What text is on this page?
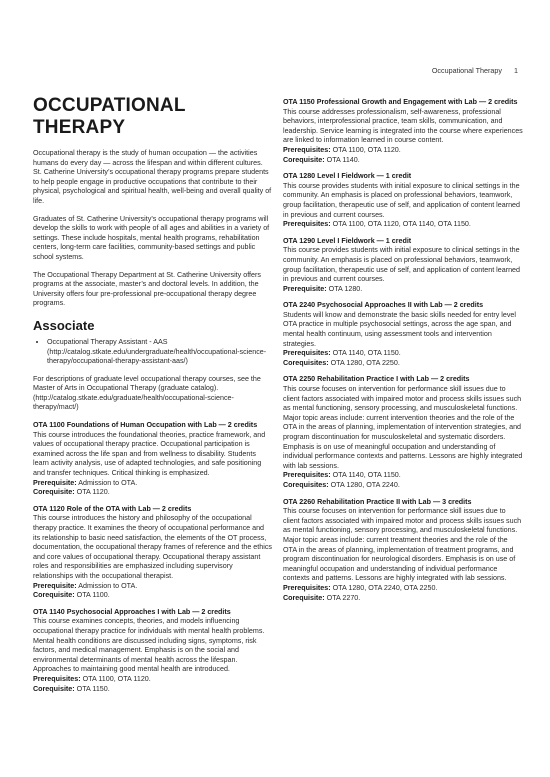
Occupational Therapy 1
OCCUPATIONAL THERAPY

Occupational therapy is the study of human occupation — the activities humans do every day — across the lifespan and within different cultures. St. Catherine University’s occupational therapy programs prepare students to help people engage in productive occupations that contribute to their physical, psychological and spiritual health, well-being and overall quality of life.

Graduates of St. Catherine University’s occupational therapy programs will develop the skills to work with people of all ages and abilities in a variety of settings. These include hospitals, mental health programs, rehabilitation centers, long-term care facilities, community-based settings and public school systems.

The Occupational Therapy Department at St. Catherine University offers programs at the associate, master’s and doctoral levels. In addition, the University offers four pre-professional pre-occupational therapy degree programs.

Associate
• Occupational Therapy Assistant - AAS (http://catalog.stkate.edu/undergraduate/health/occupational-science-therapy/occupational-therapy-assistant-aas/)

For descriptions of graduate level occupational therapy courses, see the Master of Arts in Occupational Therapy (graduate catalog). (http://catalog.stkate.edu/graduate/health/occupational-science-therapy/mact/)

OTA 1100 Foundations of Human Occupation with Lab — 2 credits
This course introduces the foundational theories, practice framework, and values of occupational therapy practice. Occupational participation is examined across the life span and from wellness to disability. Students learn activity analysis, use of adapted technologies, and safe positioning and transfer techniques. Critical thinking is emphasized.
Prerequisite: Admission to OTA.
Corequisite: OTA 1120.
OTA 1120 Role of the OTA with Lab — 2 credits
This course introduces the history and philosophy of the occupational therapy practice. It examines the theory of occupational performance and its relationship to basic need satisfaction, the elements of the OT process, documentation, the occupational therapy frames of reference and the ethics and core values of occupational therapy. Occupational therapy assistant roles and responsibilities are emphasized including supervisory relationships with the occupational therapist.
Prerequisite: Admission to OTA.
Corequisite: OTA 1100.
OTA 1140 Psychosocial Approaches I with Lab — 2 credits
This course examines concepts, theories, and models influencing occupational therapy practice for individuals with mental health problems. Mental health conditions are discussed including signs, symptoms, risk factors, and medical management. Emphasis is on the social and environmental determinants of mental health across the lifespan. Approaches to maintaining good mental health are introduced.
Prerequisites: OTA 1100, OTA 1120.
Corequisite: OTA 1150.
OTA 1150 Professional Growth and Engagement with Lab — 2 credits
This course addresses professionalism, self-awareness, professional behaviors, interprofessional practice, team skills, communication, and leadership. Service learning is integrated into the course where experiences are linked to information learned in course content.
Prerequisites: OTA 1100, OTA 1120.
Corequisite: OTA 1140.
OTA 1280 Level I Fieldwork — 1 credit
This course provides students with initial exposure to clinical settings in the community. An emphasis is placed on professional behaviors, teamwork, group facilitation, therapeutic use of self, and application of content learned in previous and current courses.
Prerequisites: OTA 1100, OTA 1120, OTA 1140, OTA 1150.
OTA 1290 Level I Fieldwork — 1 credit
This course provides students with initial exposure to clinical settings in the community. An emphasis is placed on professional behaviors, teamwork, group facilitation, therapeutic use of self, and application of content learned in previous and current courses.
Prerequisite: OTA 1280.
OTA 2240 Psychosocial Approaches II with Lab — 2 credits
Students will know and demonstrate the basic skills needed for entry level OTA practice in multiple psychosocial settings, across the age span, and mental health continuum, using assessment tools and intervention strategies.
Prerequisites: OTA 1140, OTA 1150.
Corequisites: OTA 1280, OTA 2250.
OTA 2250 Rehabilitation Practice I with Lab — 2 credits
This course focuses on intervention for performance skill issues due to client factors associated with impaired motor and process skills issues such as mental functioning, sensory processing, and musculoskeletal functions. Major topic areas include: current intervention theories and the role of the OTA in the areas of planning, implementation of intervention strategies, and program discontinuation for musculoskeletal and systematic disorders. Emphasis is on use of meaningful occupation and understanding of individual performance contexts and patterns. Lessons are highly integrated with lab sessions.
Prerequisites: OTA 1140, OTA 1150.
Corequisites: OTA 1280, OTA 2240.
OTA 2260 Rehabilitation Practice II with Lab — 3 credits
This course focuses on intervention for performance skill issues due to client factors associated with impaired motor and process skills issues such as mental functioning, sensory processing, and musculoskeletal functions. Major topic areas include: current treatment theories and the role of the OTA in the areas of planning, implementation of treatment programs, and program discontinuation for neurological disorders. Emphasis is on use of meaningful occupation and understanding of individual performance contexts and patterns. Lessons are highly integrated with lab sessions.
Prerequisites: OTA 1280, OTA 2240, OTA 2250.
Corequisite: OTA 2270.
